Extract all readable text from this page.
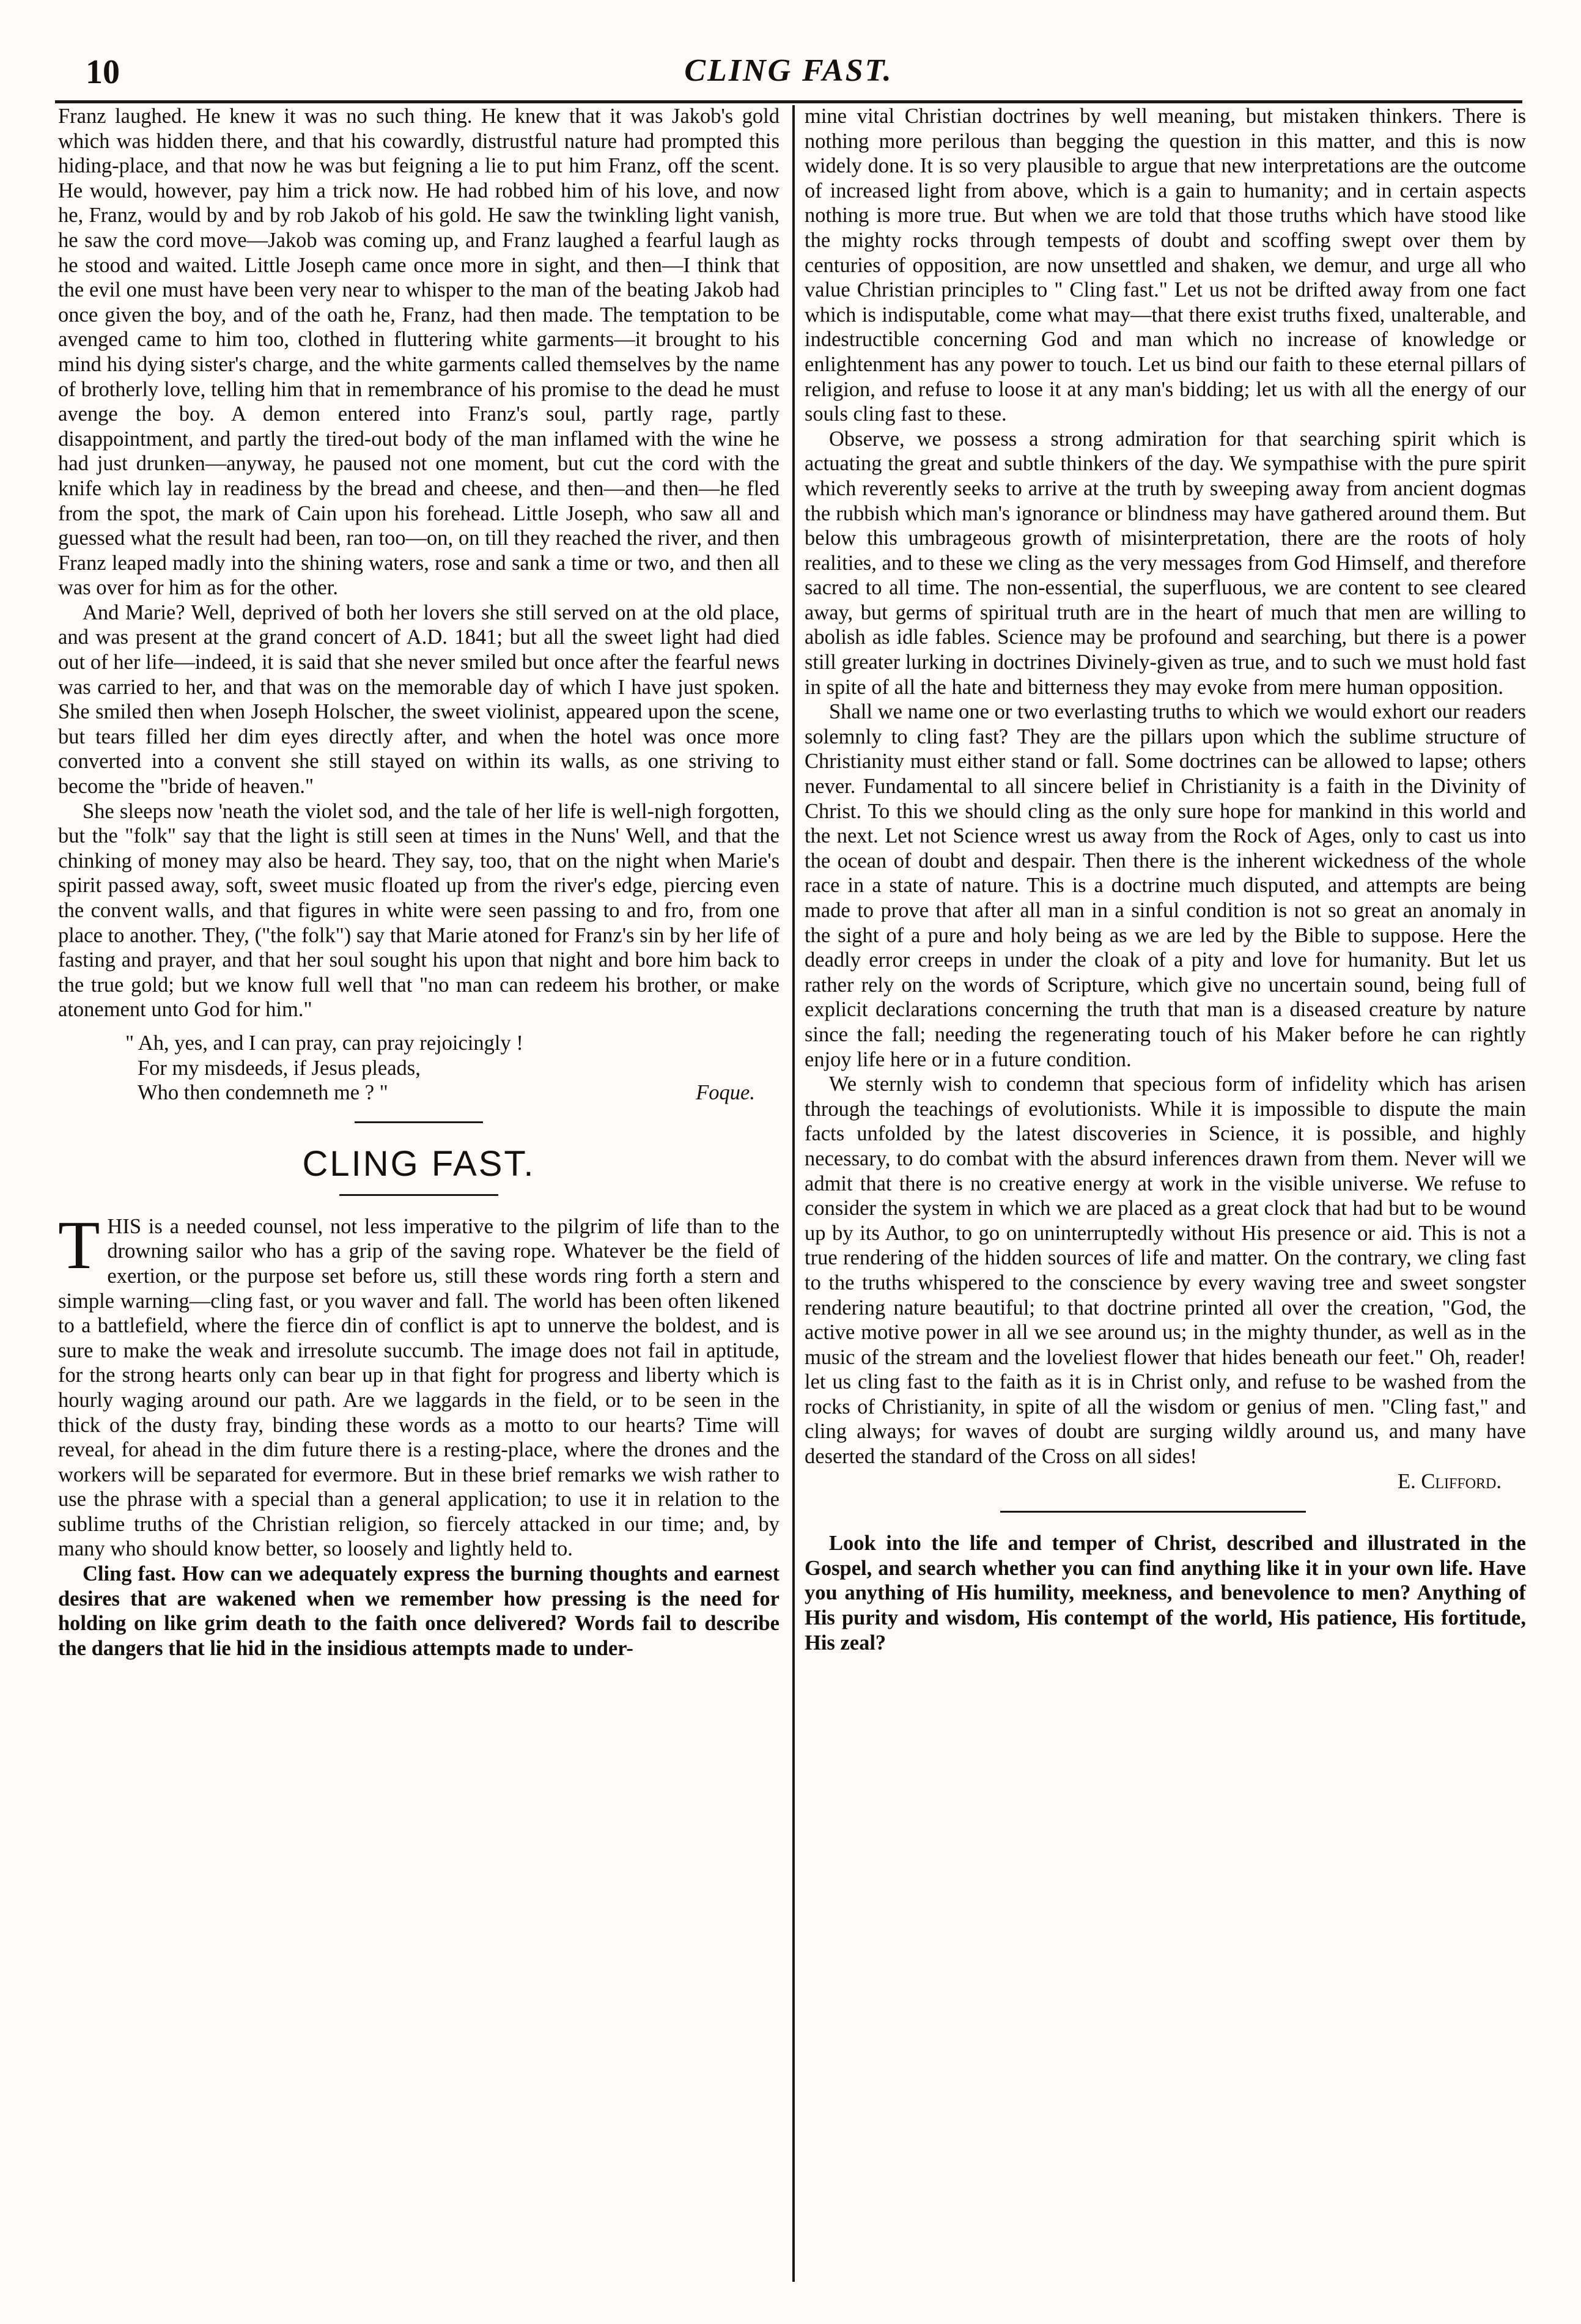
10	CLING FAST.

Franz laughed. He knew it was no such thing. He knew that it was Jakob's gold which was hidden there, and that his cowardly, distrustful nature had prompted this hiding-place, and that now he was but feigning a lie to put him Franz, off the scent. He would, however, pay him a trick now. He had robbed him of his love, and now he, Franz, would by and by rob Jakob of his gold. He saw the twinkling light vanish, he saw the cord move—Jakob was coming up, and Franz laughed a fearful laugh as he stood and waited. Little Joseph came once more in sight, and then—I think that the evil one must have been very near to whisper to the man of the beating Jakob had once given the boy, and of the oath he, Franz, had then made. The temptation to be avenged came to him too, clothed in fluttering white garments—it brought to his mind his dying sister's charge, and the white garments called themselves by the name of brotherly love, telling him that in remembrance of his promise to the dead he must avenge the boy. A demon entered into Franz's soul, partly rage, partly disappointment, and partly the tired-out body of the man inflamed with the wine he had just drunken—anyway, he paused not one moment, but cut the cord with the knife which lay in readiness by the bread and cheese, and then—and then—he fled from the spot, the mark of Cain upon his forehead. Little Joseph, who saw all and guessed what the result had been, ran too—on, on till they reached the river, and then Franz leaped madly into the shining waters, rose and sank a time or two, and then all was over for him as for the other.

And Marie? Well, deprived of both her lovers she still served on at the old place, and was present at the grand concert of A.D. 1841; but all the sweet light had died out of her life—indeed, it is said that she never smiled but once after the fearful news was carried to her, and that was on the memorable day of which I have just spoken. She smiled then when Joseph Holscher, the sweet violinist, appeared upon the scene, but tears filled her dim eyes directly after, and when the hotel was once more converted into a convent she still stayed on within its walls, as one striving to become the "bride of heaven."

She sleeps now 'neath the violet sod, and the tale of her life is well-nigh forgotten, but the "folk" say that the light is still seen at times in the Nuns' Well, and that the chinking of money may also be heard. They say, too, that on the night when Marie's spirit passed away, soft, sweet music floated up from the river's edge, piercing even the convent walls, and that figures in white were seen passing to and fro, from one place to another. They, ("the folk") say that Marie atoned for Franz's sin by her life of fasting and prayer, and that her soul sought his upon that night and bore him back to the true gold; but we know full well that "no man can redeem his brother, or make atonement unto God for him."

" Ah, yes, and I can pray, can pray rejoicingly !
For my misdeeds, if Jesus pleads,
Who then condemneth me ? "	Foque.
CLING FAST.

THIS is a needed counsel, not less imperative to the pilgrim of life than to the drowning sailor who has a grip of the saving rope. Whatever be the field of exertion, or the purpose set before us, still these words ring forth a stern and simple warning—cling fast, or you waver and fall. The world has been often likened to a battlefield, where the fierce din of conflict is apt to unnerve the boldest, and is sure to make the weak and irresolute succumb. The image does not fail in aptitude, for the strong hearts only can bear up in that fight for progress and liberty which is hourly waging around our path. Are we laggards in the field, or to be seen in the thick of the dusty fray, binding these words as a motto to our hearts? Time will reveal, for ahead in the dim future there is a resting-place, where the drones and the workers will be separated for evermore. But in these brief remarks we wish rather to use the phrase with a special than a general application; to use it in relation to the sublime truths of the Christian religion, so fiercely attacked in our time; and, by many who should know better, so loosely and lightly held to.

Cling fast. How can we adequately express the burning thoughts and earnest desires that are wakened when we remember how pressing is the need for holding on like grim death to the faith once delivered? Words fail to describe the dangers that lie hid in the insidious attempts made to under-

mine vital Christian doctrines by well meaning, but mistaken thinkers. There is nothing more perilous than begging the question in this matter, and this is now widely done. It is so very plausible to argue that new interpretations are the outcome of increased light from above, which is a gain to humanity; and in certain aspects nothing is more true. But when we are told that those truths which have stood like the mighty rocks through tempests of doubt and scoffing swept over them by centuries of opposition, are now unsettled and shaken, we demur, and urge all who value Christian principles to " Cling fast." Let us not be drifted away from one fact which is indisputable, come what may—that there exist truths fixed, unalterable, and indestructible concerning God and man which no increase of knowledge or enlightenment has any power to touch. Let us bind our faith to these eternal pillars of religion, and refuse to loose it at any man's bidding; let us with all the energy of our souls cling fast to these.

Observe, we possess a strong admiration for that searching spirit which is actuating the great and subtle thinkers of the day. We sympathise with the pure spirit which reverently seeks to arrive at the truth by sweeping away from ancient dogmas the rubbish which man's ignorance or blindness may have gathered around them. But below this umbrageous growth of misinterpretation, there are the roots of holy realities, and to these we cling as the very messages from God Himself, and therefore sacred to all time. The non-essential, the superfluous, we are content to see cleared away, but germs of spiritual truth are in the heart of much that men are willing to abolish as idle fables. Science may be profound and searching, but there is a power still greater lurking in doctrines Divinely-given as true, and to such we must hold fast in spite of all the hate and bitterness they may evoke from mere human opposition.

Shall we name one or two everlasting truths to which we would exhort our readers solemnly to cling fast? They are the pillars upon which the sublime structure of Christianity must either stand or fall. Some doctrines can be allowed to lapse; others never. Fundamental to all sincere belief in Christianity is a faith in the Divinity of Christ. To this we should cling as the only sure hope for mankind in this world and the next. Let not Science wrest us away from the Rock of Ages, only to cast us into the ocean of doubt and despair. Then there is the inherent wickedness of the whole race in a state of nature. This is a doctrine much disputed, and attempts are being made to prove that after all man in a sinful condition is not so great an anomaly in the sight of a pure and holy being as we are led by the Bible to suppose. Here the deadly error creeps in under the cloak of a pity and love for humanity. But let us rather rely on the words of Scripture, which give no uncertain sound, being full of explicit declarations concerning the truth that man is a diseased creature by nature since the fall; needing the regenerating touch of his Maker before he can rightly enjoy life here or in a future condition.

We sternly wish to condemn that specious form of infidelity which has arisen through the teachings of evolutionists. While it is impossible to dispute the main facts unfolded by the latest discoveries in Science, it is possible, and highly necessary, to do combat with the absurd inferences drawn from them. Never will we admit that there is no creative energy at work in the visible universe. We refuse to consider the system in which we are placed as a great clock that had but to be wound up by its Author, to go on uninterruptedly without His presence or aid. This is not a true rendering of the hidden sources of life and matter. On the contrary, we cling fast to the truths whispered to the conscience by every waving tree and sweet songster rendering nature beautiful; to that doctrine printed all over the creation, "God, the active motive power in all we see around us; in the mighty thunder, as well as in the music of the stream and the loveliest flower that hides beneath our feet." Oh, reader! let us cling fast to the faith as it is in Christ only, and refuse to be washed from the rocks of Christianity, in spite of all the wisdom or genius of men. "Cling fast," and cling always; for waves of doubt are surging wildly around us, and many have deserted the standard of the Cross on all sides!

E. Clifford.

Look into the life and temper of Christ, described and illustrated in the Gospel, and search whether you can find anything like it in your own life. Have you anything of His humility, meekness, and benevolence to men? Anything of His purity and wisdom, His contempt of the world, His patience, His fortitude, His zeal?
